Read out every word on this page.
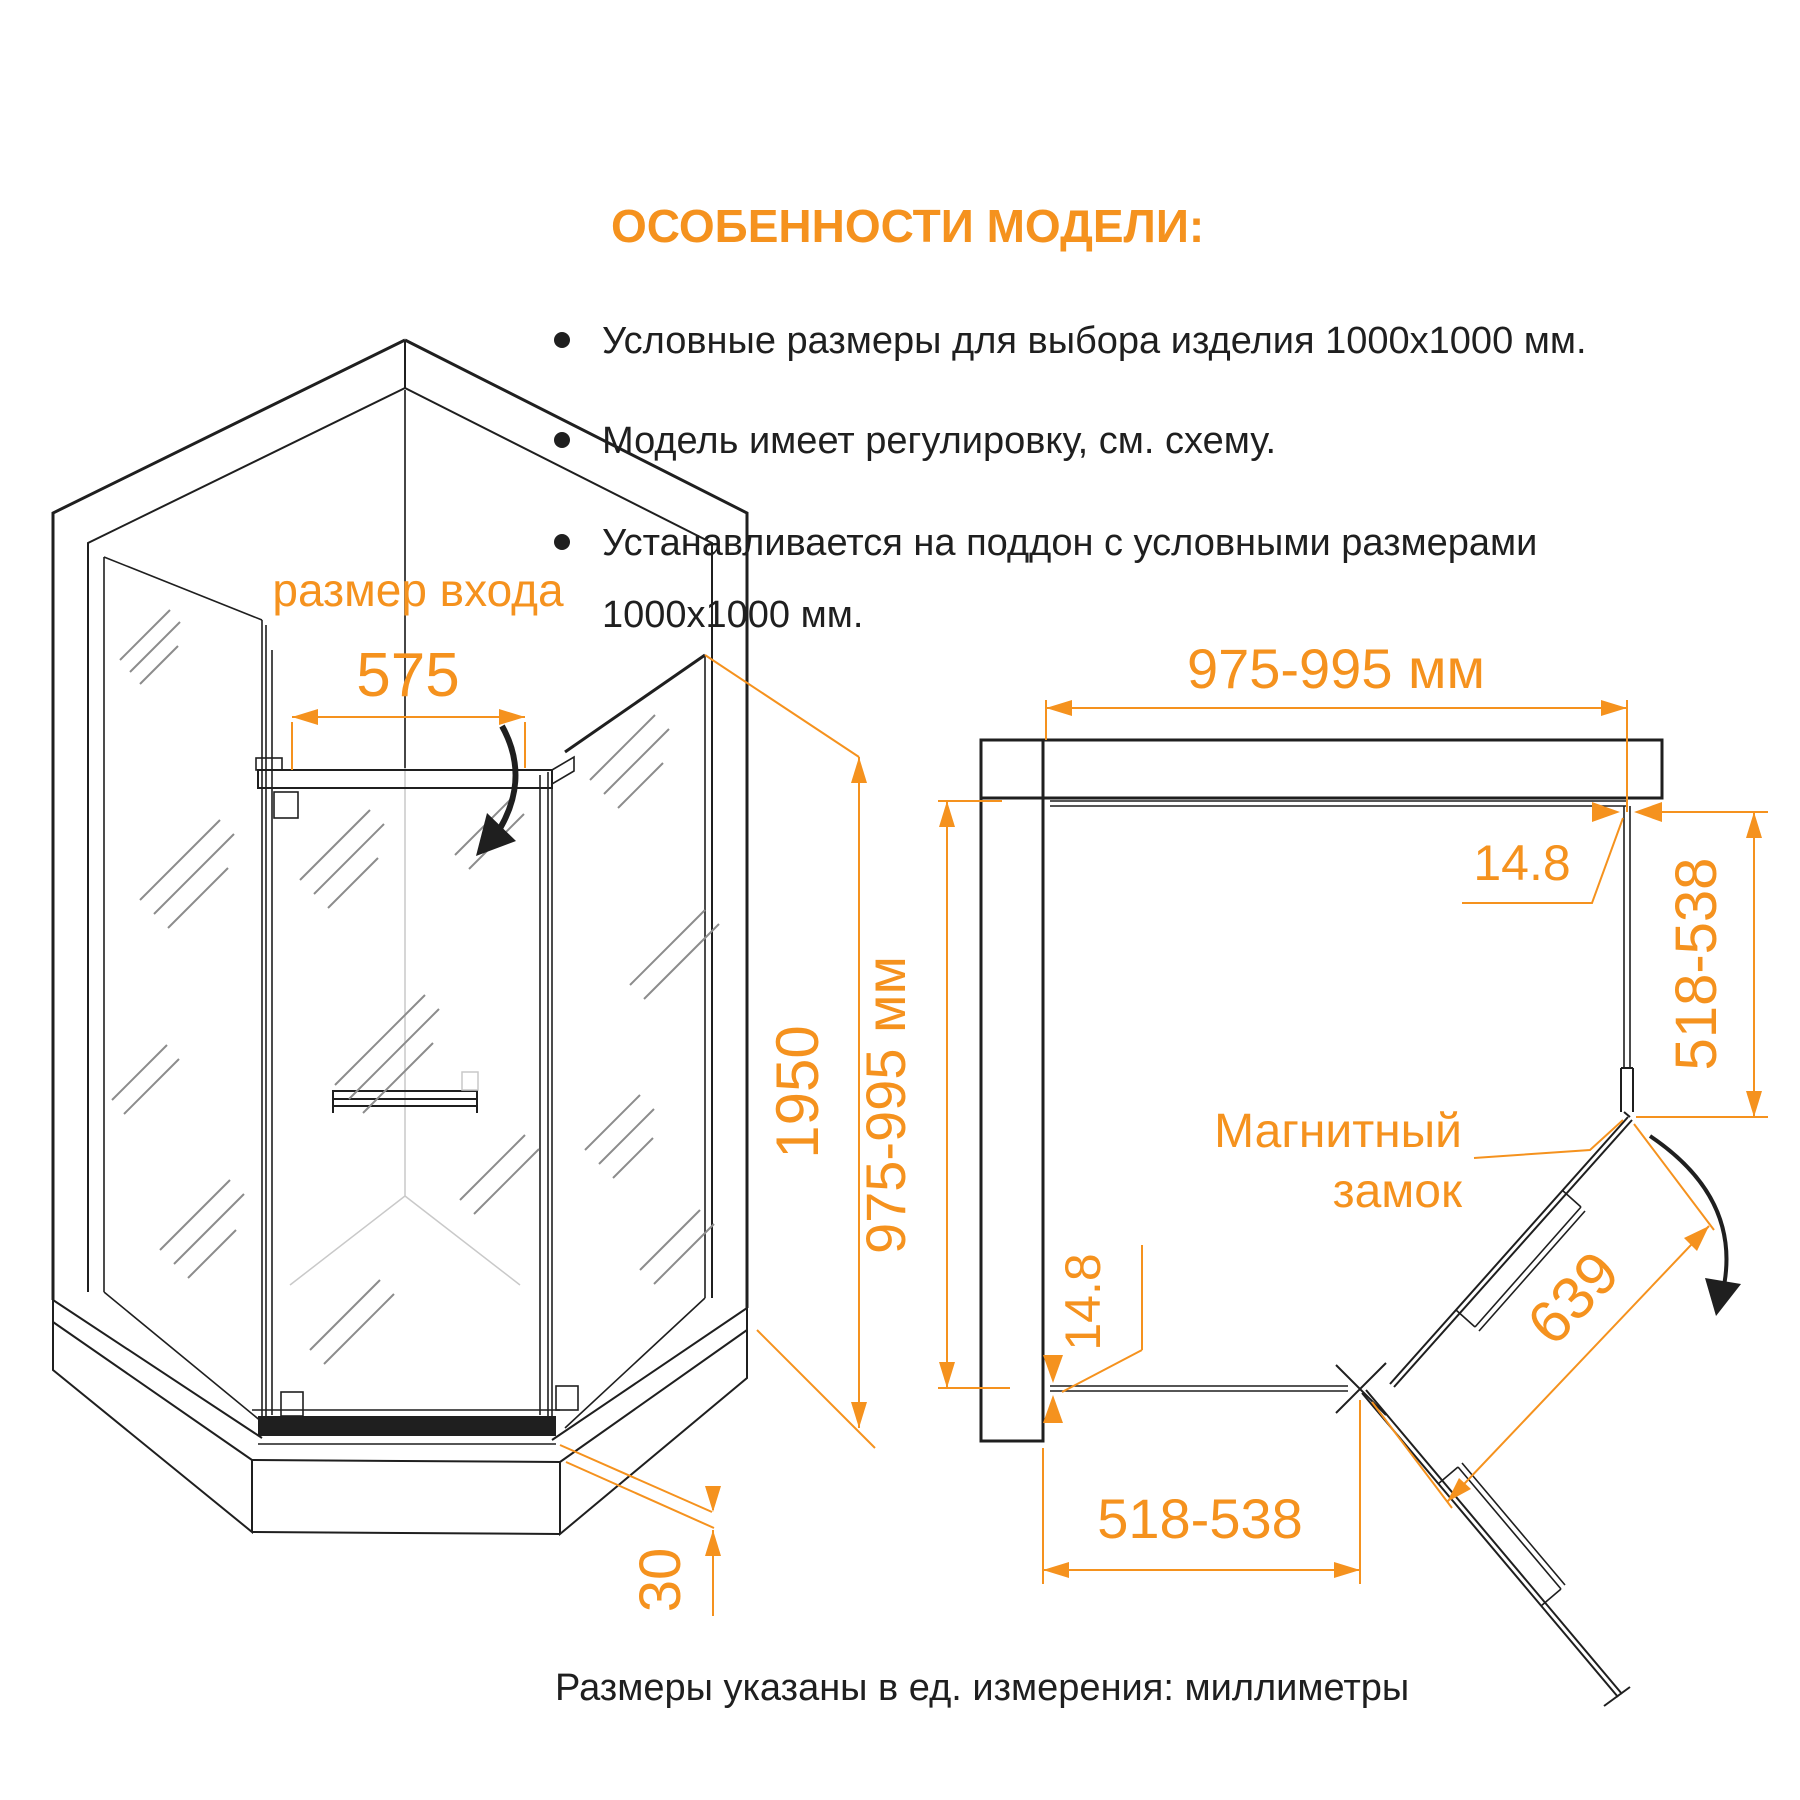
ОСОБЕННОСТИ МОДЕЛИ:
Условные размеры для выбора изделия 1000x1000 мм.
Модель имеет регулировку, см. схему.
Устанавливается на поддон с условными размерами
1000x1000 мм.
размер входа
575
1950
30
975-995 мм
975-995 мм
14.8 518-538
Магнитный
замок
14.8
518-538
639
Размеры указаны в ед. измерения: миллиметры
